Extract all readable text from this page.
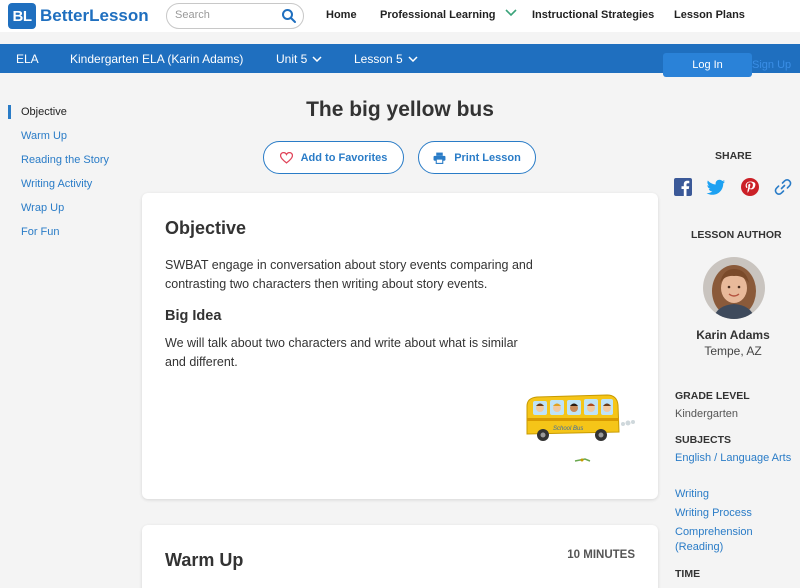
BL BetterLesson
Search	Home Professional Learning	Instructional Strategies Lesson Plans
ELA	Kindergarten ELA (Karin Adams)	Unit 5	Lesson 5	Log In	Sign Up
Objective
Warm Up
Reading the Story
Writing Activity
Wrap Up
For Fun
The big yellow bus
Add to Favorites	Print Lesson
Objective
SWBAT engage in conversation about story events comparing and contrasting two characters then writing about story events.
Big Idea
We will talk about two characters and write about what is similar and different.
School Bus
Warm Up	10 MINUTES
SHARE
LESSON AUTHOR
Karin Adams
Tempe, AZ
GRADE LEVEL
Kindergarten
SUBJECTS
English / Language Arts
Writing
Writing Process
Comprehension (Reading)
TIME
